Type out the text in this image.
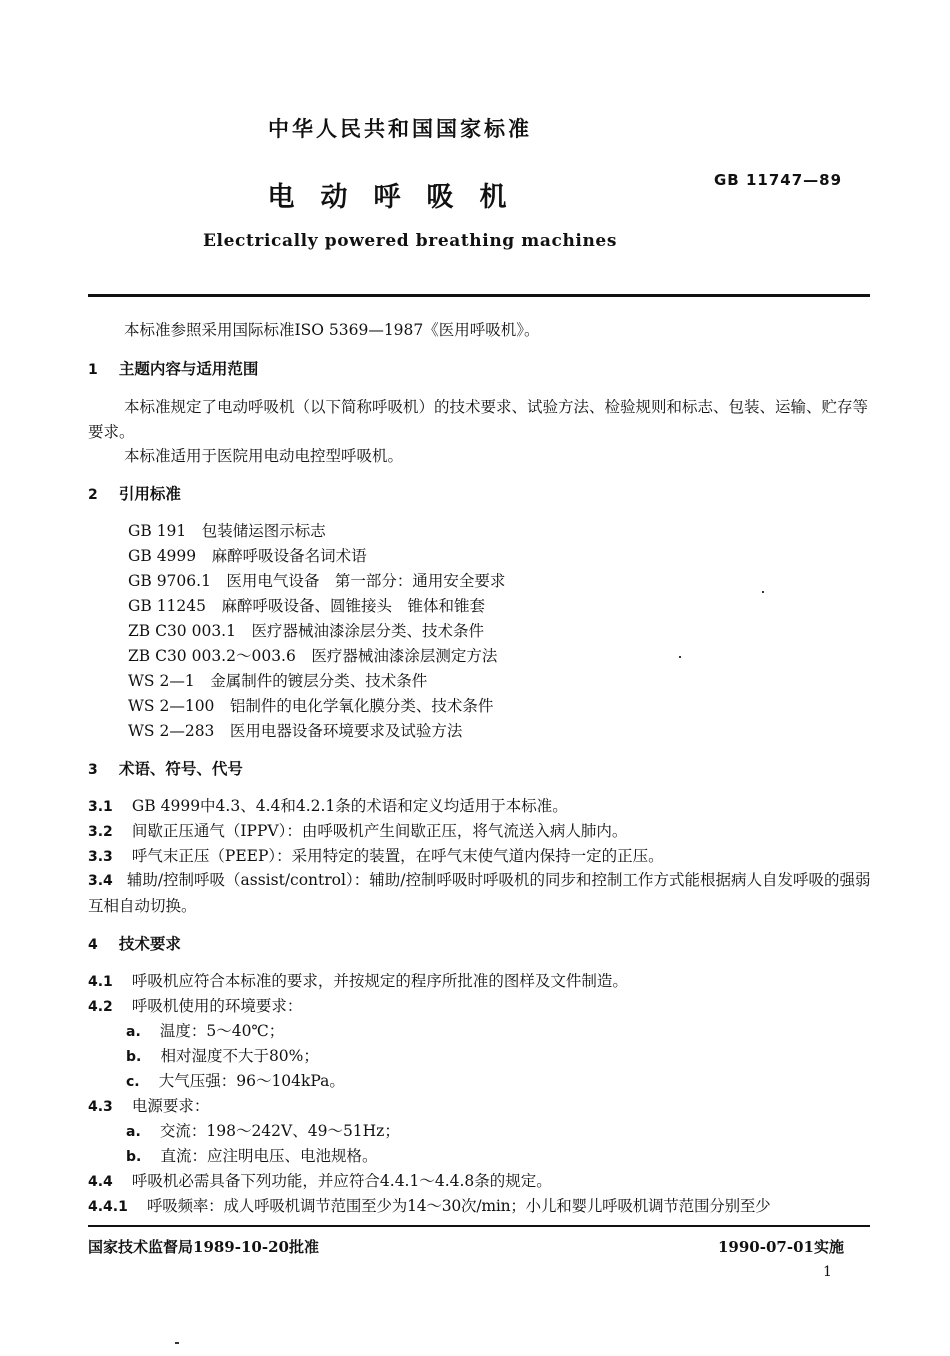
中华人民共和国国家标准
GB 11747—89
电动呼吸机
Electrically powered breathing machines
本标准参照采用国际标准ISO 5369—1987《医用呼吸机》。
1 主题内容与适用范围
本标准规定了电动呼吸机（以下简称呼吸机）的技术要求、试验方法、检验规则和标志、包装、运输、贮存等要求。
本标准适用于医院用电动电控型呼吸机。
2 引用标准
GB 191　包装储运图示标志
GB 4999　麻醉呼吸设备名词术语
GB 9706.1　医用电气设备　第一部分：通用安全要求
GB 11245　麻醉呼吸设备、圆锥接头　锥体和锥套
ZB C30 003.1　医疗器械油漆涂层分类、技术条件
ZB C30 003.2～003.6　医疗器械油漆涂层测定方法
WS 2—1　金属制件的镀层分类、技术条件
WS 2—100　铝制件的电化学氧化膜分类、技术条件
WS 2—283　医用电器设备环境要求及试验方法
3 术语、符号、代号
3.1 GB 4999中4.3、4.4和4.2.1条的术语和定义均适用于本标准。
3.2 间歇正压通气（IPPV）：由呼吸机产生间歇正压，将气流送入病人肺内。
3.3 呼气末正压（PEEP）：采用特定的装置，在呼气末使气道内保持一定的正压。
3.4 辅助/控制呼吸（assist/control）：辅助/控制呼吸时呼吸机的同步和控制工作方式能根据病人自发呼吸的强弱互相自动切换。
4 技术要求
4.1 呼吸机应符合本标准的要求，并按规定的程序所批准的图样及文件制造。
4.2 呼吸机使用的环境要求：
a. 温度：5～40℃；
b. 相对湿度不大于80%；
c. 大气压强：96～104kPa。
4.3 电源要求：
a. 交流：198～242V、49～51Hz；
b. 直流：应注明电压、电池规格。
4.4 呼吸机必需具备下列功能，并应符合4.4.1～4.4.8条的规定。
4.4.1 呼吸频率：成人呼吸机调节范围至少为14～30次/min；小儿和婴儿呼吸机调节范围分别至少
国家技术监督局1989-10-20批准	1990-07-01实施
1
